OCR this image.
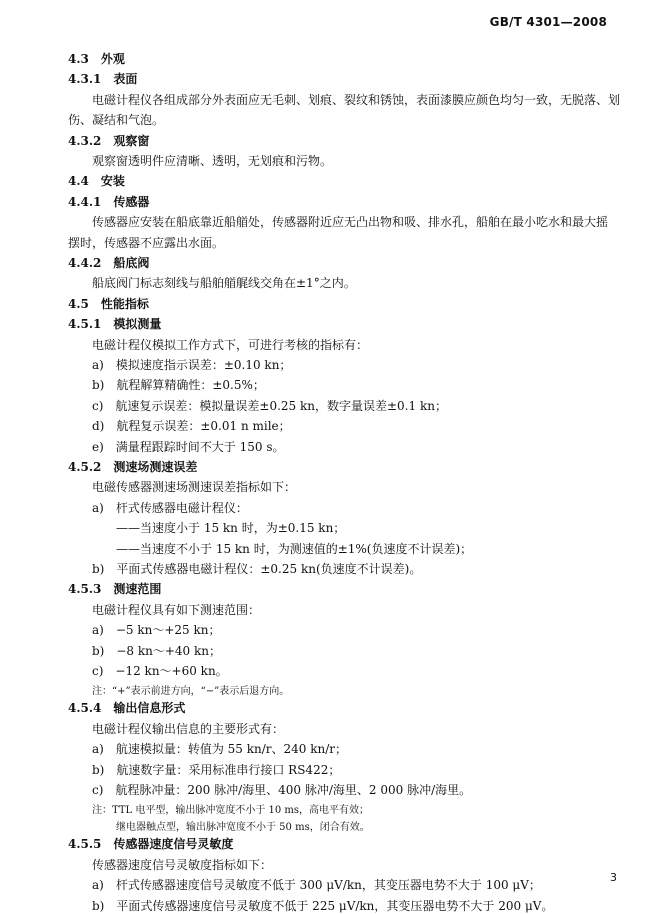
GB/T 4301—2008
4.3　外观
4.3.1　表面
电磁计程仪各组成部分外表面应无毛刺、划痕、裂纹和锈蚀，表面漆膜应颜色均匀一致，无脱落、划
伤、凝结和气泡。
4.3.2　观察窗
观察窗透明件应清晰、透明，无划痕和污物。
4.4　安装
4.4.1　传感器
传感器应安装在船底靠近船艏处，传感器附近应无凸出物和吸、排水孔，船舶在最小吃水和最大摇
摆时，传感器不应露出水面。
4.4.2　船底阀
船底阀门标志刻线与船舶艏艉线交角在±1°之内。
4.5　性能指标
4.5.1　模拟测量
电磁计程仪模拟工作方式下，可进行考核的指标有：
a)　模拟速度指示误差：±0.10 kn；
b)　航程解算精确性：±0.5%；
c)　航速复示误差：模拟量误差±0.25 kn，数字量误差±0.1 kn；
d)　航程复示误差：±0.01 n mile；
e)　满量程跟踪时间不大于 150 s。
4.5.2　测速场测速误差
电磁传感器测速场测速误差指标如下：
a)　杆式传感器电磁计程仪：
——当速度小于 15 kn 时，为±0.15 kn；
——当速度不小于 15 kn 时，为测速值的±1%(负速度不计误差)；
b)　平面式传感器电磁计程仪：±0.25 kn(负速度不计误差)。
4.5.3　测速范围
电磁计程仪具有如下测速范围：
a)　−5 kn～+25 kn；
b)　−8 kn～+40 kn；
c)　−12 kn～+60 kn。
注：“+”表示前进方向，“−”表示后退方向。
4.5.4　输出信息形式
电磁计程仪输出信息的主要形式有：
a)　航速模拟量：转值为 55 kn/r、240 kn/r；
b)　航速数字量：采用标准串行接口 RS422；
c)　航程脉冲量：200 脉冲/海里、400 脉冲/海里、2 000 脉冲/海里。
注：TTL 电平型，输出脉冲宽度不小于 10 ms，高电平有效；
继电器触点型，输出脉冲宽度不小于 50 ms，闭合有效。
4.5.5　传感器速度信号灵敏度
传感器速度信号灵敏度指标如下：
a)　杆式传感器速度信号灵敏度不低于 300 μV/kn，其变压器电势不大于 100 μV；
b)　平面式传感器速度信号灵敏度不低于 225 μV/kn，其变压器电势不大于 200 μV。
3
